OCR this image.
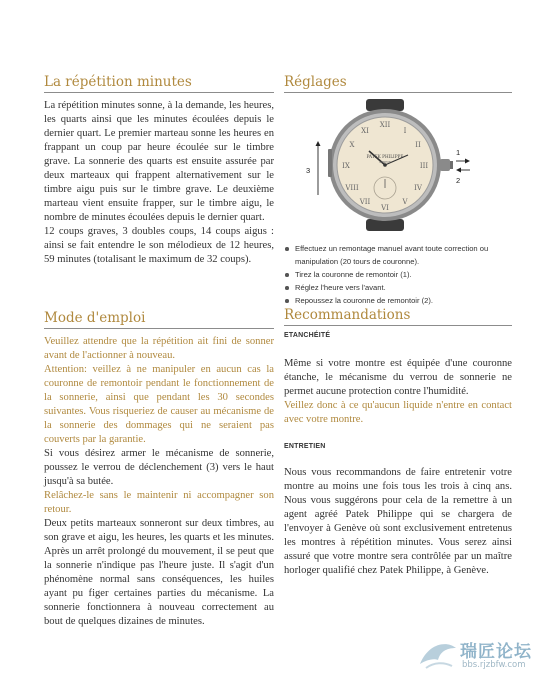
La répétition minutes

La répétition minutes sonne, à la demande, les heures, les quarts ainsi que les minutes écoulées depuis le dernier quart. Le premier marteau sonne les heures en frappant un coup par heure écoulée sur le timbre grave. La sonnerie des quarts est ensuite assurée par deux marteaux qui frappent alternativement sur le timbre aigu puis sur le timbre grave. Le deuxième marteau vient ensuite frapper, sur le timbre aigu, le nombre de minutes écoulées depuis le dernier quart.

12 coups graves, 3 doubles coups, 14 coups aigus : ainsi se fait entendre le son mélodieux de 12 heures, 59 minutes (totalisant le maximum de 32 coups).

Mode d'emploi

Veuillez attendre que la répétition ait fini de sonner avant de l'actionner à nouveau.

Attention: veillez à ne manipuler en aucun cas la couronne de remontoir pendant le fonctionnement de la sonnerie, ainsi que pendant les 30 secondes suivantes. Vous risqueriez de causer au mécanisme de la sonnerie des dommages qui ne seraient pas couverts par la garantie.

Si vous désirez armer le mécanisme de sonnerie, poussez le verrou de déclenchement (3) vers le haut jusqu'à sa butée.

Relâchez-le sans le maintenir ni accompagner son retour.

Deux petits marteaux sonneront sur deux timbres, au son grave et aigu, les heures, les quarts et les minutes. Après un arrêt prolongé du mouvement, il se peut que la sonnerie n'indique pas l'heure juste. Il s'agit d'un phénomène normal sans conséquences, les huiles ayant pu figer certaines parties du mécanisme. La sonnerie fonctionnera à nouveau correctement au bout de quelques dizaines de minutes.

Réglages
XII
VI
IX	III
I
II
IV
V
VII
VIII
X
XI
1
2
3
PATEK PHILIPPE
GENEVE
Effectuez un remontage manuel avant toute correction ou manipulation (20 tours de couronne).
Tirez la couronne de remontoir (1).
Réglez l'heure vers l'avant.
Repoussez la couronne de remontoir (2).
Recommandations
ETANCHÉITÉ

Même si votre montre est équipée d'une couronne étanche, le mécanisme du verrou de sonnerie ne permet aucune protection contre l'humidité.

Veillez donc à ce qu'aucun liquide n'entre en contact avec votre montre.

ENTRETIEN

Nous vous recommandons de faire entretenir votre montre au moins une fois tous les trois à cinq ans. Nous vous suggérons pour cela de la remettre à un agent agréé Patek Philippe qui se chargera de l'envoyer à Genève où sont exclusivement entretenus les montres à répétition minutes. Vous serez ainsi assuré que votre montre sera contrôlée par un maître horloger qualifié chez Patek Philippe, à Genève.

瑞匠论坛
bbs.rjzbfw.com
